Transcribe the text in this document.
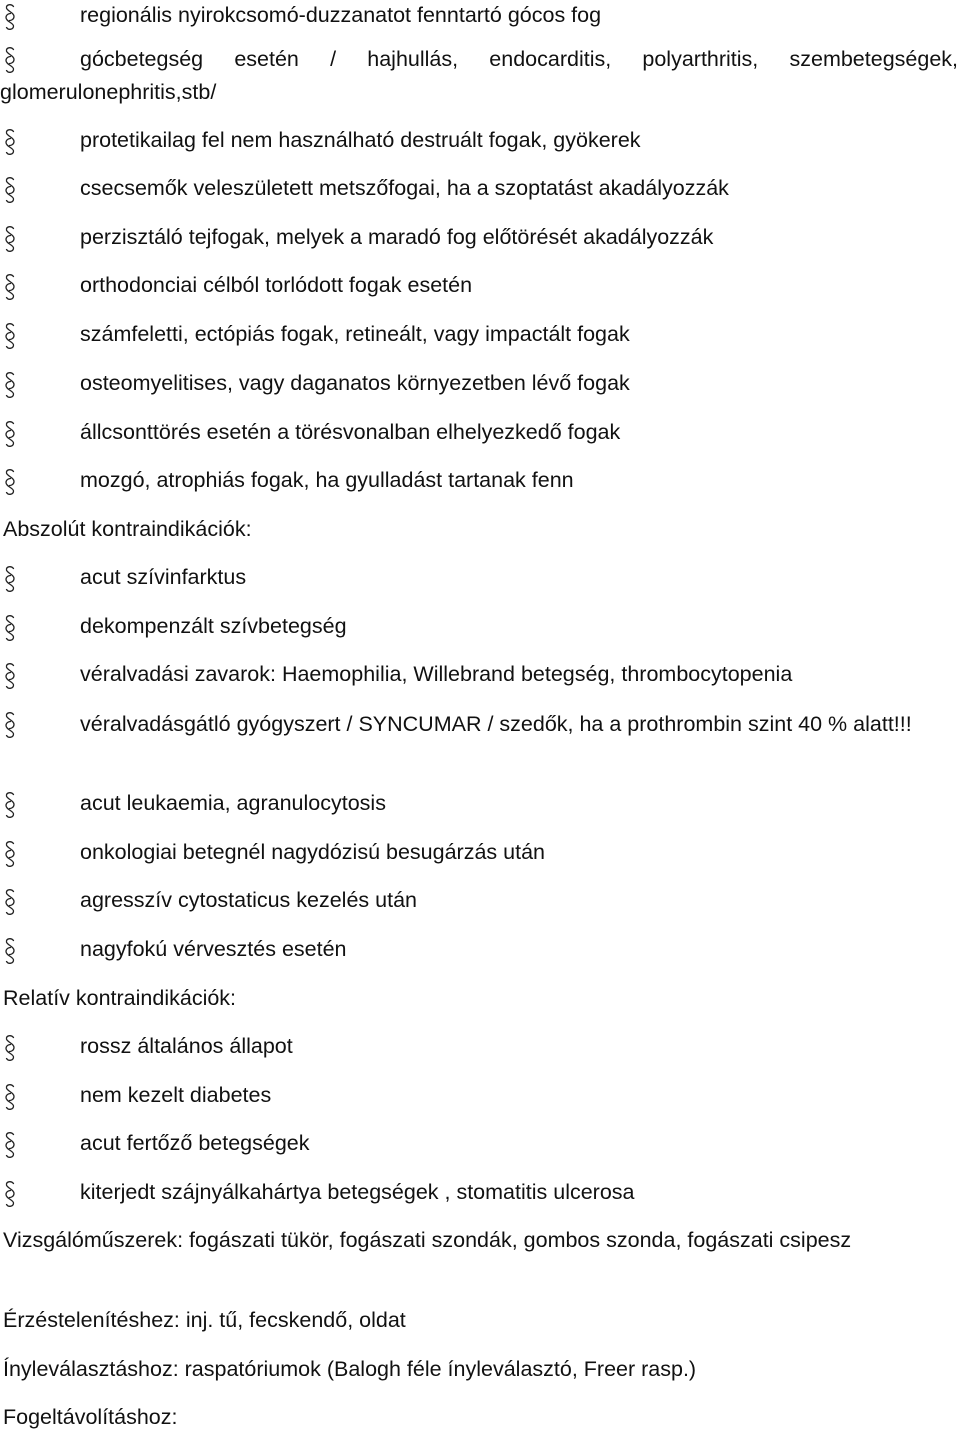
regionális nyirokcsomó-duzzanatot fenntartó gócos fog
gócbetegség esetén / hajhullás, endocarditis, polyarthritis, szembetegségek, glomerulonephritis,stb/
protetikailag fel nem használható destruált fogak, gyökerek
csecsemők veleszületett metszőfogai, ha a szoptatást akadályozzák
perzisztáló tejfogak, melyek a maradó fog előtörését akadályozzák
orthodonciai célból torlódott fogak esetén
számfeletti, ectópiás fogak, retineált, vagy impactált fogak
osteomyelitises, vagy daganatos környezetben lévő fogak
állcsonttörés esetén a törésvonalban elhelyezkedő fogak
mozgó, atrophiás fogak, ha gyulladást tartanak fenn
Abszolút kontraindikációk:
acut szívinfarktus
dekompenzált szívbetegség
véralvadási zavarok: Haemophilia, Willebrand betegség, thrombocytopenia
véralvadásgátló gyógyszert / SYNCUMAR / szedők, ha a prothrombin szint 40 % alatt!!!
acut leukaemia, agranulocytosis
onkologiai betegnél nagydózisú besugárzás után
agresszív cytostaticus kezelés után
nagyfokú vérvesztés esetén
Relatív kontraindikációk:
rossz általános állapot
nem kezelt diabetes
acut fertőző betegségek
kiterjedt szájnyálkahártya betegségek , stomatitis ulcerosa
Vizsgálóműszerek: fogászati tükör, fogászati szondák, gombos szonda, fogászati csipesz
Érzéstelenítéshez: inj. tű, fecskendő, oldat
Ínyleválasztáshoz: raspatóriumok (Balogh féle ínyleválasztó, Freer rasp.)
Fogeltávolításhoz:
